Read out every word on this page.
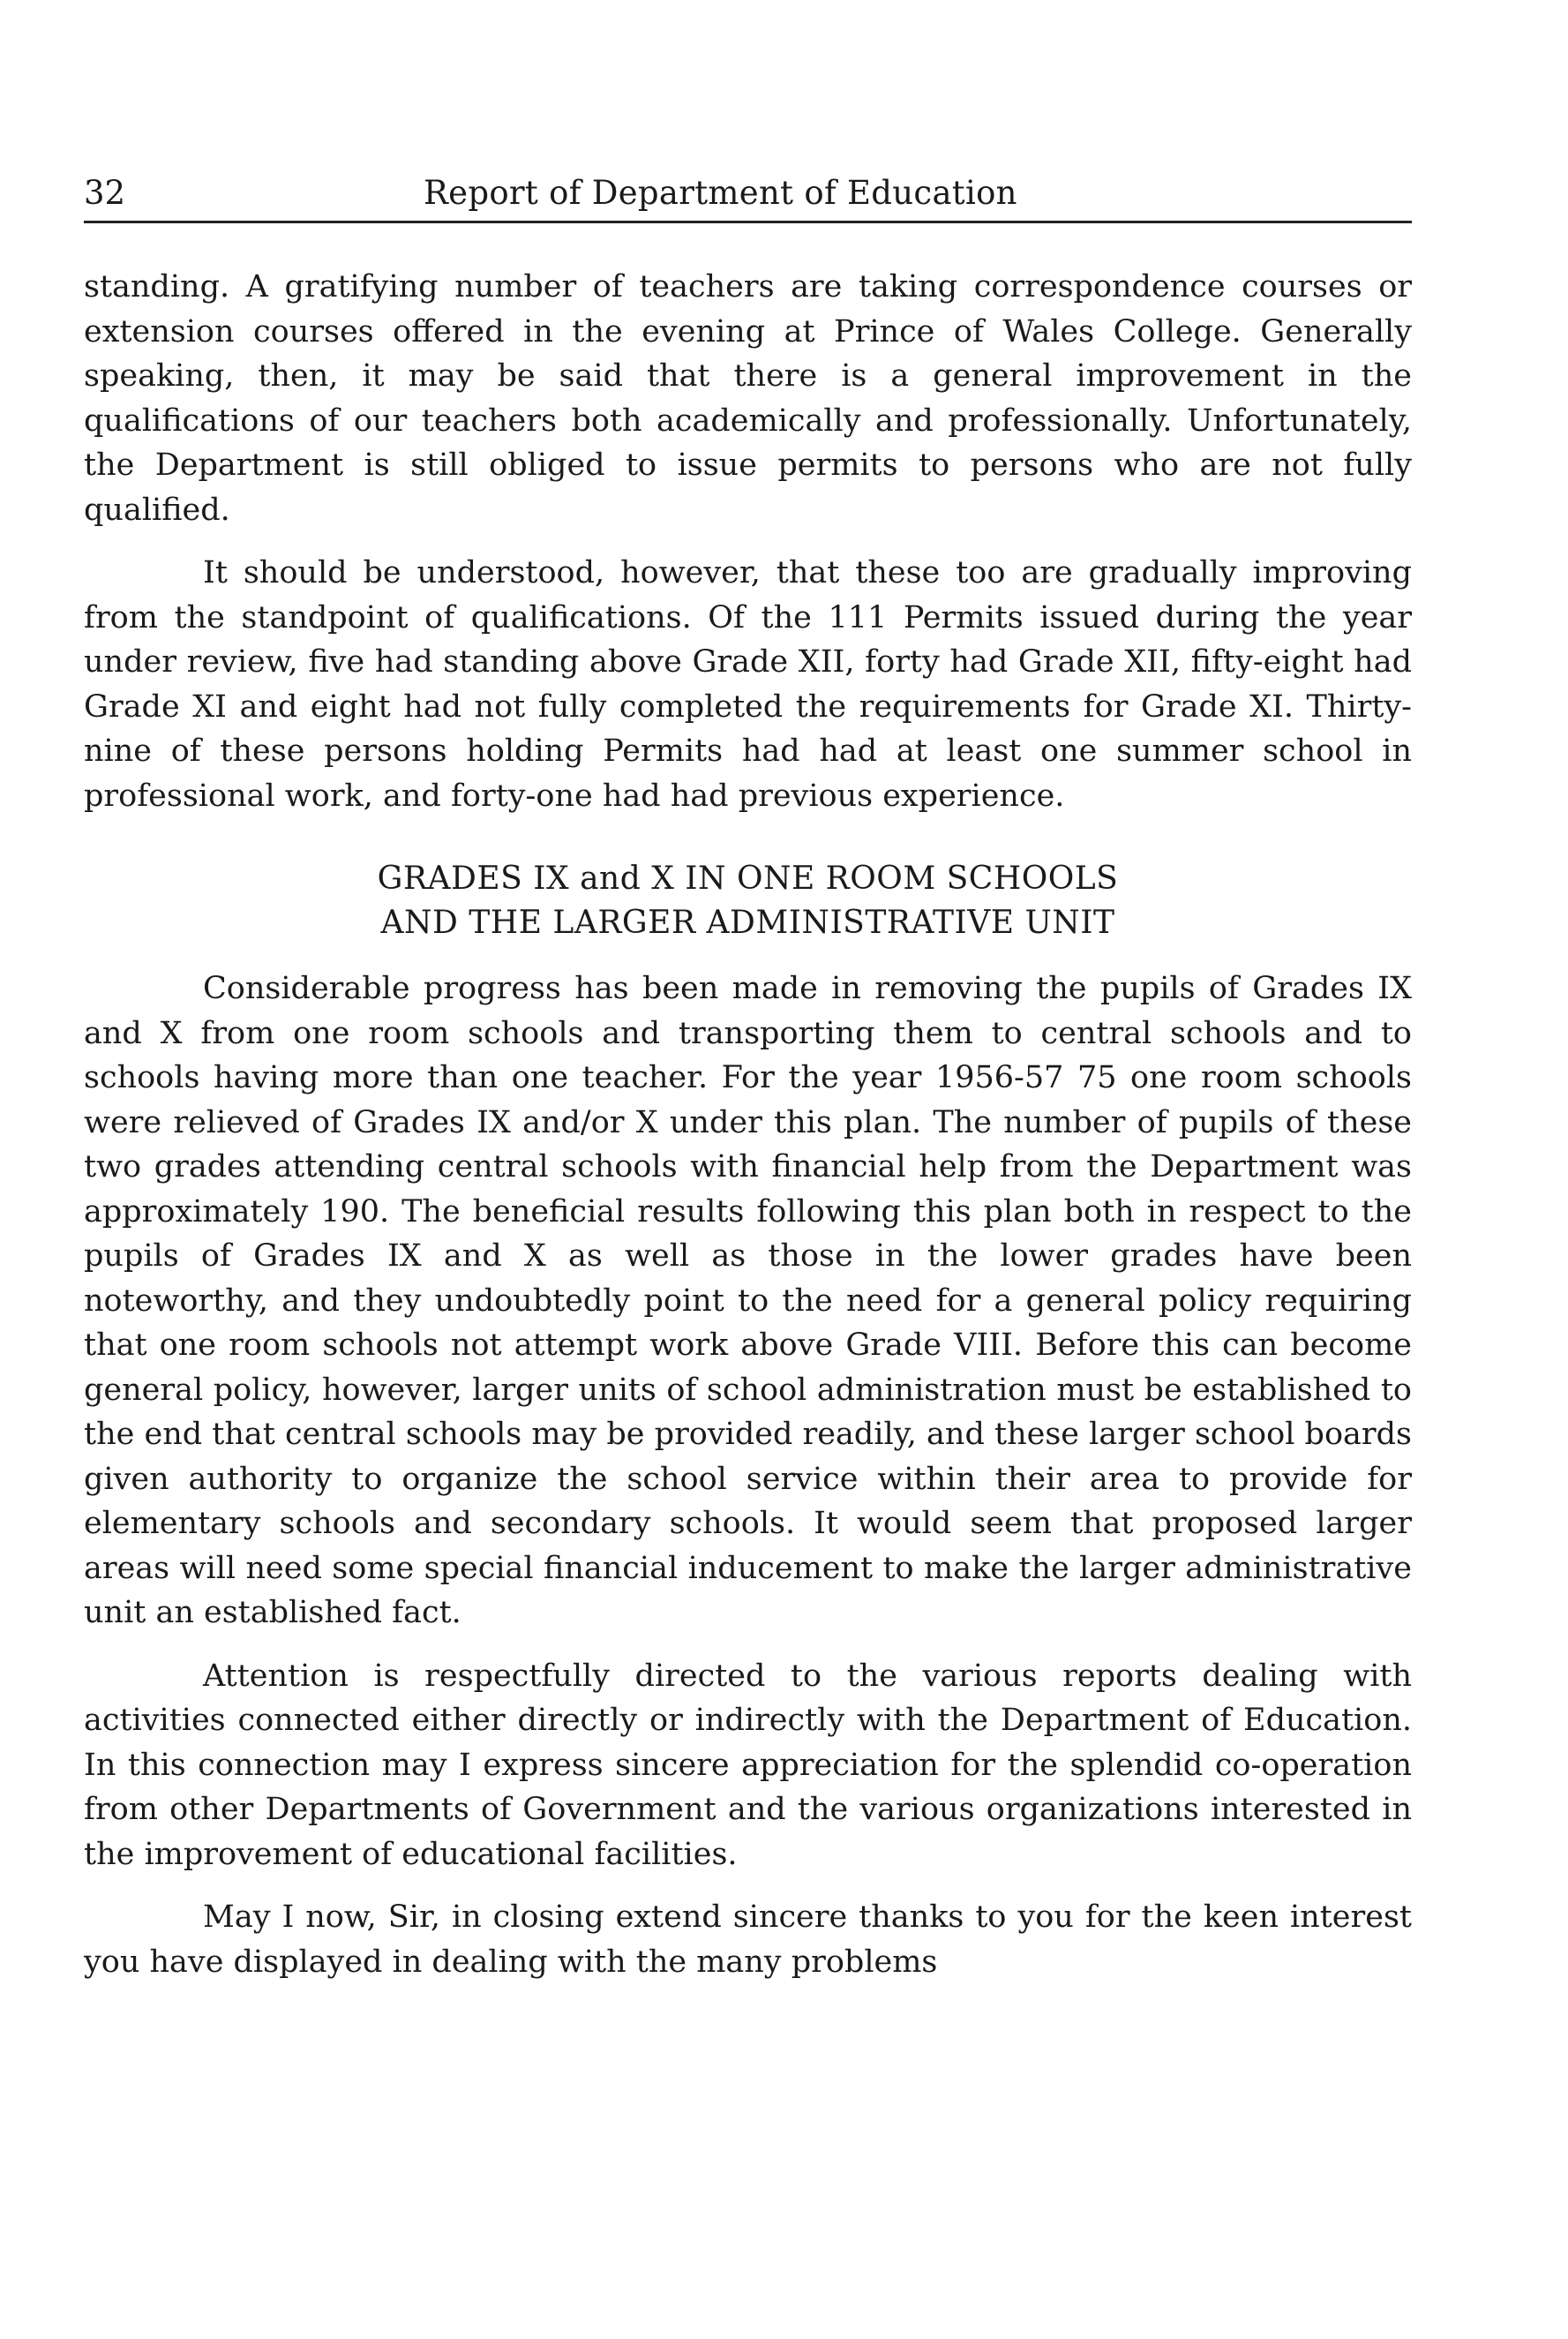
32	Report of Department of Education

standing. A gratifying number of teachers are taking correspondence courses or extension courses offered in the evening at Prince of Wales College. Generally speaking, then, it may be said that there is a general improvement in the qualifications of our teachers both academically and professionally. Unfortunately, the Department is still obliged to issue permits to persons who are not fully qualified.

It should be understood, however, that these too are gradually improving from the standpoint of qualifications. Of the 111 Permits issued during the year under review, five had standing above Grade XII, forty had Grade XII, fifty-eight had Grade XI and eight had not fully completed the requirements for Grade XI. Thirty-nine of these persons holding Permits had had at least one summer school in professional work, and forty-one had had previous experience.

GRADES IX and X IN ONE ROOM SCHOOLS
AND THE LARGER ADMINISTRATIVE UNIT

Considerable progress has been made in removing the pupils of Grades IX and X from one room schools and transporting them to central schools and to schools having more than one teacher. For the year 1956-57 75 one room schools were relieved of Grades IX and/or X under this plan. The number of pupils of these two grades attending central schools with financial help from the Department was approximately 190. The beneficial results following this plan both in respect to the pupils of Grades IX and X as well as those in the lower grades have been noteworthy, and they undoubtedly point to the need for a general policy requiring that one room schools not attempt work above Grade VIII. Before this can become general policy, however, larger units of school administration must be established to the end that central schools may be provided readily, and these larger school boards given authority to organize the school service within their area to provide for elementary schools and secondary schools. It would seem that proposed larger areas will need some special financial inducement to make the larger administrative unit an established fact.

Attention is respectfully directed to the various reports dealing with activities connected either directly or indirectly with the Department of Education. In this connection may I express sincere appreciation for the splendid co-operation from other Departments of Government and the various organizations interested in the improvement of educational facilities.

May I now, Sir, in closing extend sincere thanks to you for the keen interest you have displayed in dealing with the many problems
